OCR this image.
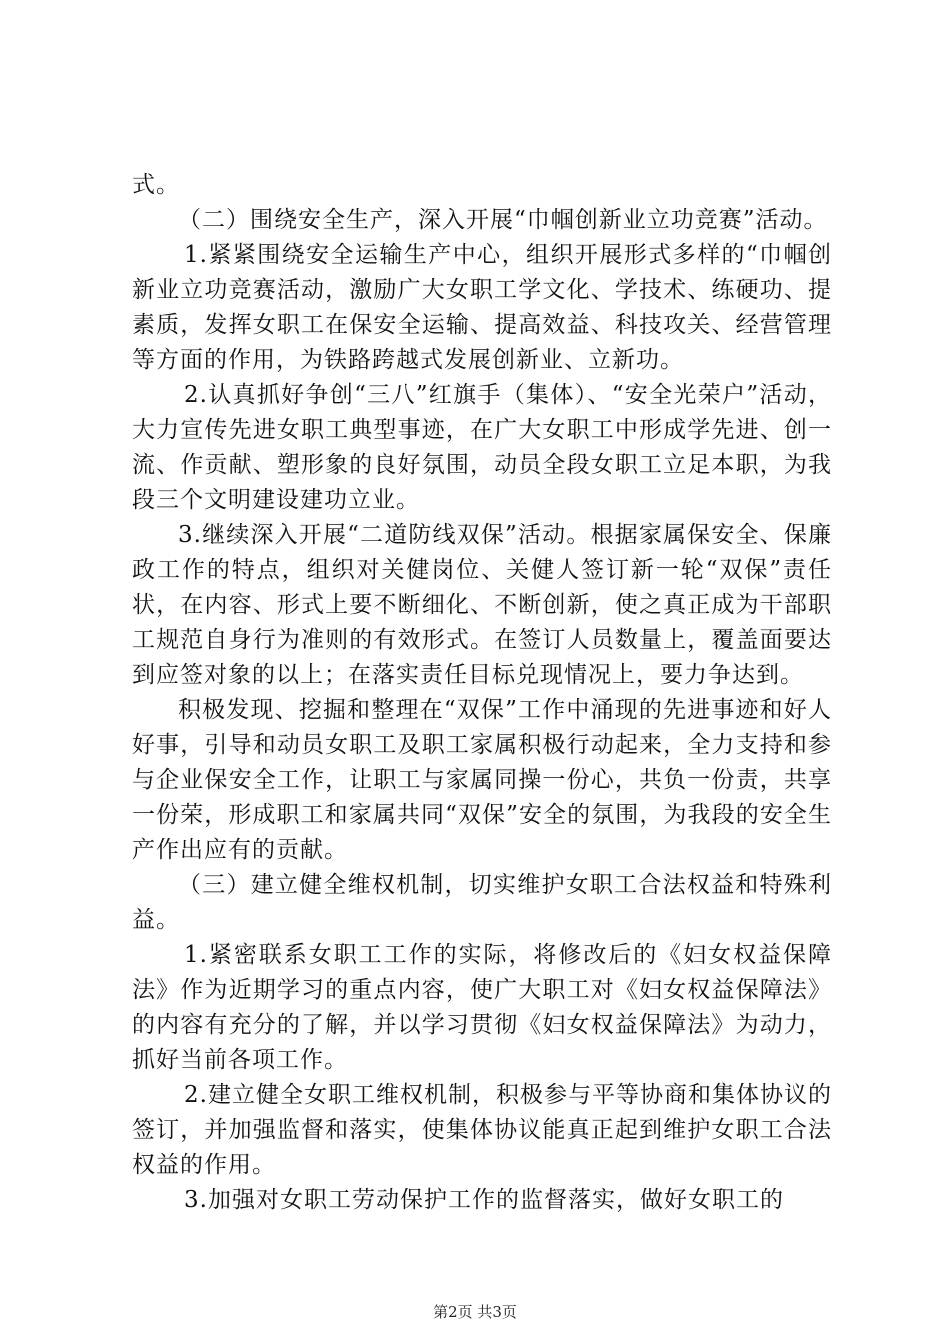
式。

（二）围绕安全生产，深入开展“巾帼创新业立功竞赛”活动。

1.紧紧围绕安全运输生产中心，组织开展形式多样的“巾帼创新业立功竞赛活动，激励广大女职工学文化、学技术、练硬功、提素质，发挥女职工在保安全运输、提高效益、科技攻关、经营管理等方面的作用，为铁路跨越式发展创新业、立新功。

2.认真抓好争创“三八”红旗手（集体）、“安全光荣户”活动，大力宣传先进女职工典型事迹，在广大女职工中形成学先进、创一流、作贡献、塑形象的良好氛围，动员全段女职工立足本职，为我段三个文明建设建功立业。

3.继续深入开展“二道防线双保”活动。根据家属保安全、保廉政工作的特点，组织对关健岗位、关健人签订新一轮“双保”责任状，在内容、形式上要不断细化、不断创新，使之真正成为干部职工规范自身行为准则的有效形式。在签订人员数量上，覆盖面要达到应签对象的以上；在落实责任目标兑现情况上，要力争达到。

积极发现、挖掘和整理在“双保”工作中涌现的先进事迹和好人好事，引导和动员女职工及职工家属积极行动起来，全力支持和参与企业保安全工作，让职工与家属同操一份心，共负一份责，共享一份荣，形成职工和家属共同“双保”安全的氛围，为我段的安全生产作出应有的贡献。

（三）建立健全维权机制，切实维护女职工合法权益和特殊利益。

1.紧密联系女职工工作的实际，将修改后的《妇女权益保障法》作为近期学习的重点内容，使广大职工对《妇女权益保障法》的内容有充分的了解，并以学习贯彻《妇女权益保障法》为动力，抓好当前各项工作。

2.建立健全女职工维权机制，积极参与平等协商和集体协议的签订，并加强监督和落实，使集体协议能真正起到维护女职工合法权益的作用。

3.加强对女职工劳动保护工作的监督落实，做好女职工的

第2页 共3页
